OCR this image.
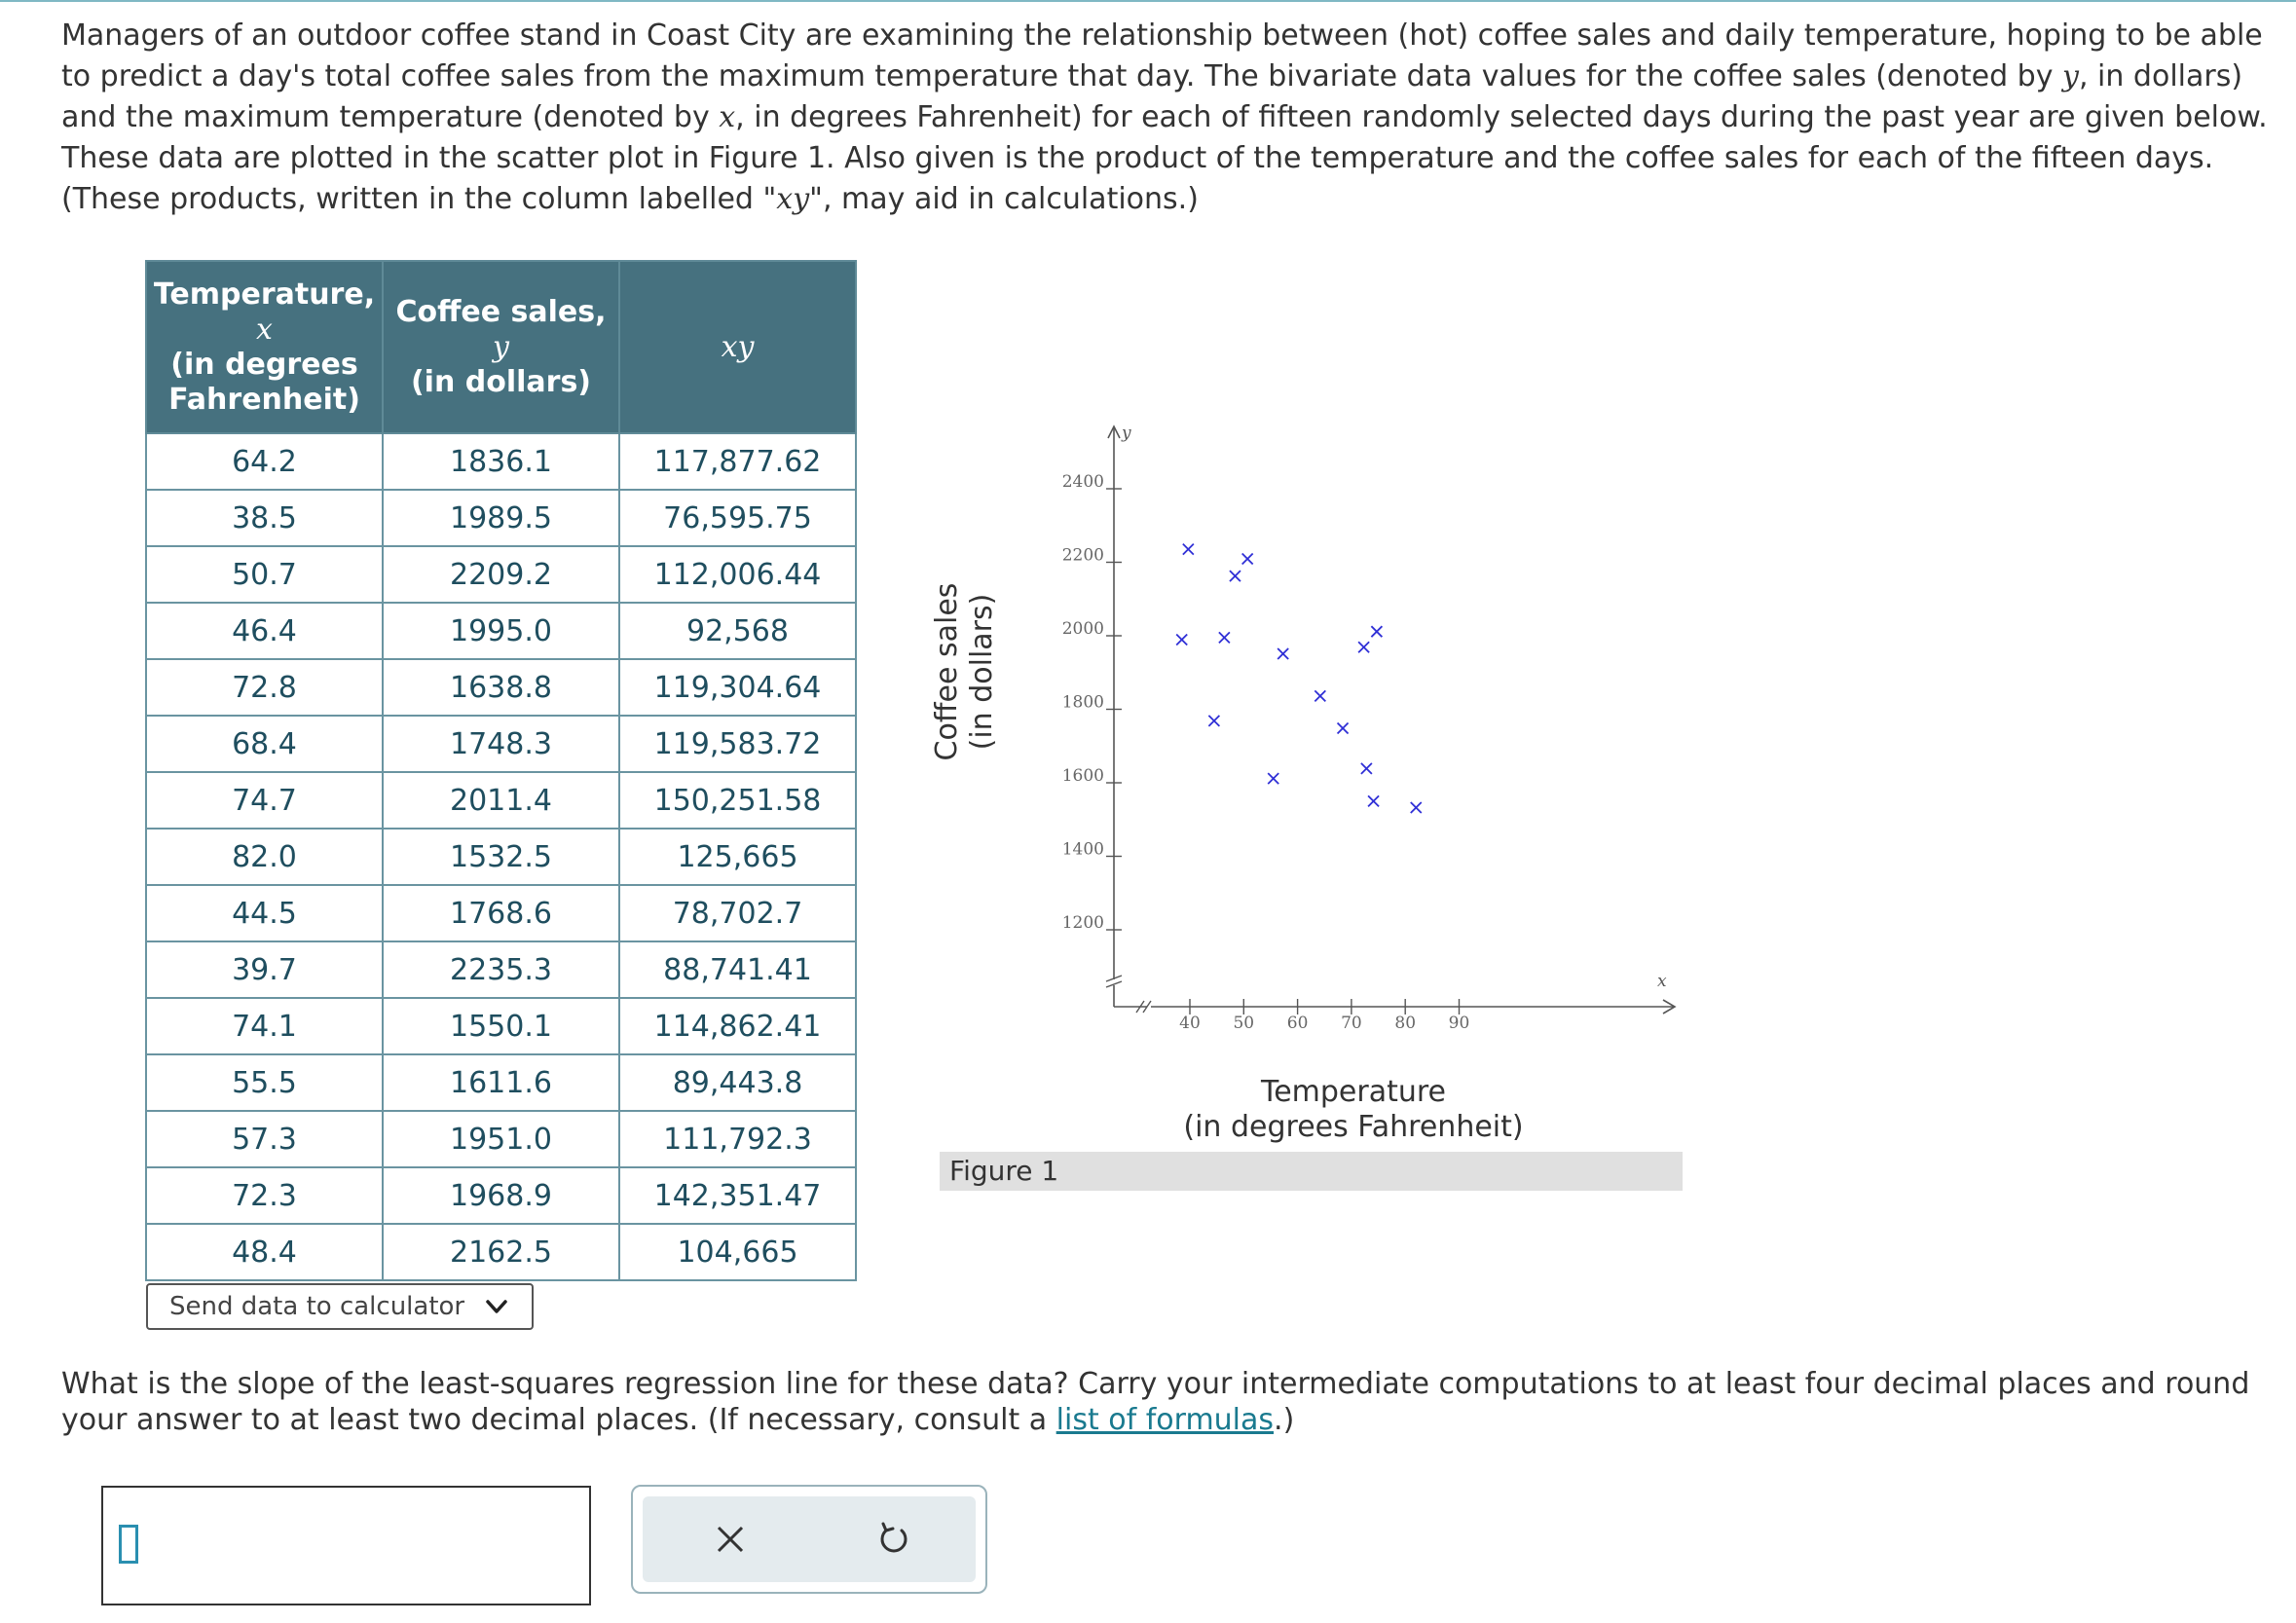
Managers of an outdoor coffee stand in Coast City are examining the relationship between (hot) coffee sales and daily temperature, hoping to be able to predict a day's total coffee sales from the maximum temperature that day. The bivariate data values for the coffee sales (denoted by y, in dollars) and the maximum temperature (denoted by x, in degrees Fahrenheit) for each of fifteen randomly selected days during the past year are given below. These data are plotted in the scatter plot in Figure 1. Also given is the product of the temperature and the coffee sales for each of the fifteen days. (These products, written in the column labelled "xy", may aid in calculations.)
Temperature,
x
(in degrees Fahrenheit)	Coffee sales,
y
(in dollars)	xy

64.2	1836.1	117,877.62
38.5	1989.5	76,595.75
50.7	2209.2	112,006.44
46.4	1995.0	92,568
72.8	1638.8	119,304.64
68.4	1748.3	119,583.72
74.7	2011.4	150,251.58
82.0	1532.5	125,665
44.5	1768.6	78,702.7
39.7	2235.3	88,741.41
74.1	1550.1	114,862.41
55.5	1611.6	89,443.8
57.3	1951.0	111,792.3
72.3	1968.9	142,351.47
48.4	2162.5	104,665
Send data to calculator
y
x
1200
1400
1600
1800
2000
2200
2400
40 50 60 70 80 90
Coffee sales (in dollars)
Temperature
(in degrees Fahrenheit)
Figure 1
What is the slope of the least-squares regression line for these data? Carry your intermediate computations to at least four decimal places and round your answer to at least two decimal places. (If necessary, consult a list of formulas.)
